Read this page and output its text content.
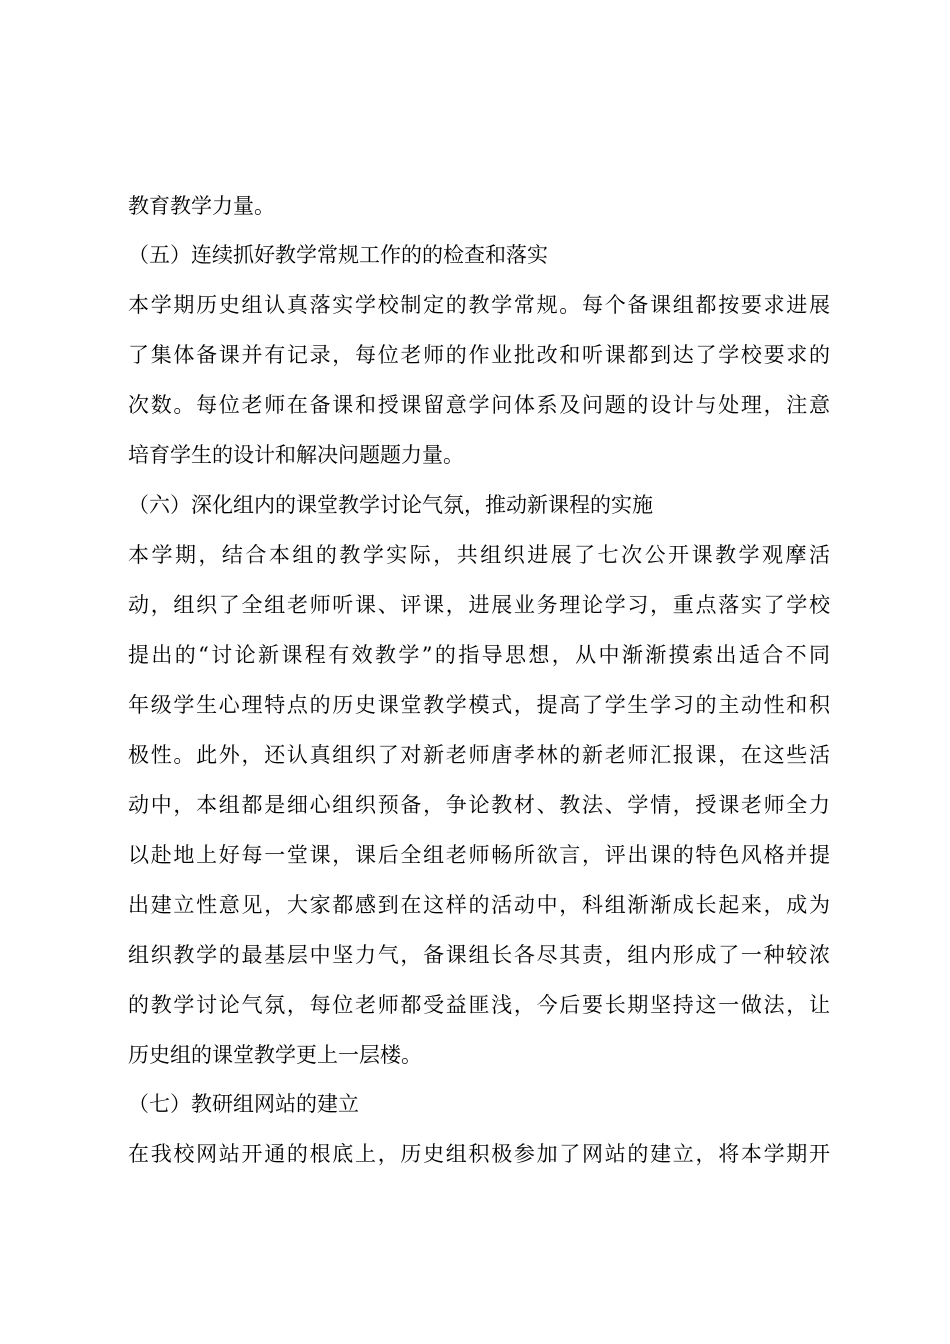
教育教学力量。
（五）连续抓好教学常规工作的的检查和落实
本学期历史组认真落实学校制定的教学常规。每个备课组都按要求进展
了集体备课并有记录，每位老师的作业批改和听课都到达了学校要求的
次数。每位老师在备课和授课留意学问体系及问题的设计与处理，注意
培育学生的设计和解决问题题力量。
（六）深化组内的课堂教学讨论气氛，推动新课程的实施
本学期，结合本组的教学实际，共组织进展了七次公开课教学观摩活
动，组织了全组老师听课、评课，进展业务理论学习，重点落实了学校
提出的“讨论新课程有效教学”的指导思想，从中渐渐摸索出适合不同
年级学生心理特点的历史课堂教学模式，提高了学生学习的主动性和积
极性。此外，还认真组织了对新老师唐孝林的新老师汇报课，在这些活
动中，本组都是细心组织预备，争论教材、教法、学情，授课老师全力
以赴地上好每一堂课，课后全组老师畅所欲言，评出课的特色风格并提
出建立性意见，大家都感到在这样的活动中，科组渐渐成长起来，成为
组织教学的最基层中坚力气，备课组长各尽其责，组内形成了一种较浓
的教学讨论气氛，每位老师都受益匪浅，今后要长期坚持这一做法，让
历史组的课堂教学更上一层楼。
（七）教研组网站的建立
在我校网站开通的根底上，历史组积极参加了网站的建立，将本学期开
